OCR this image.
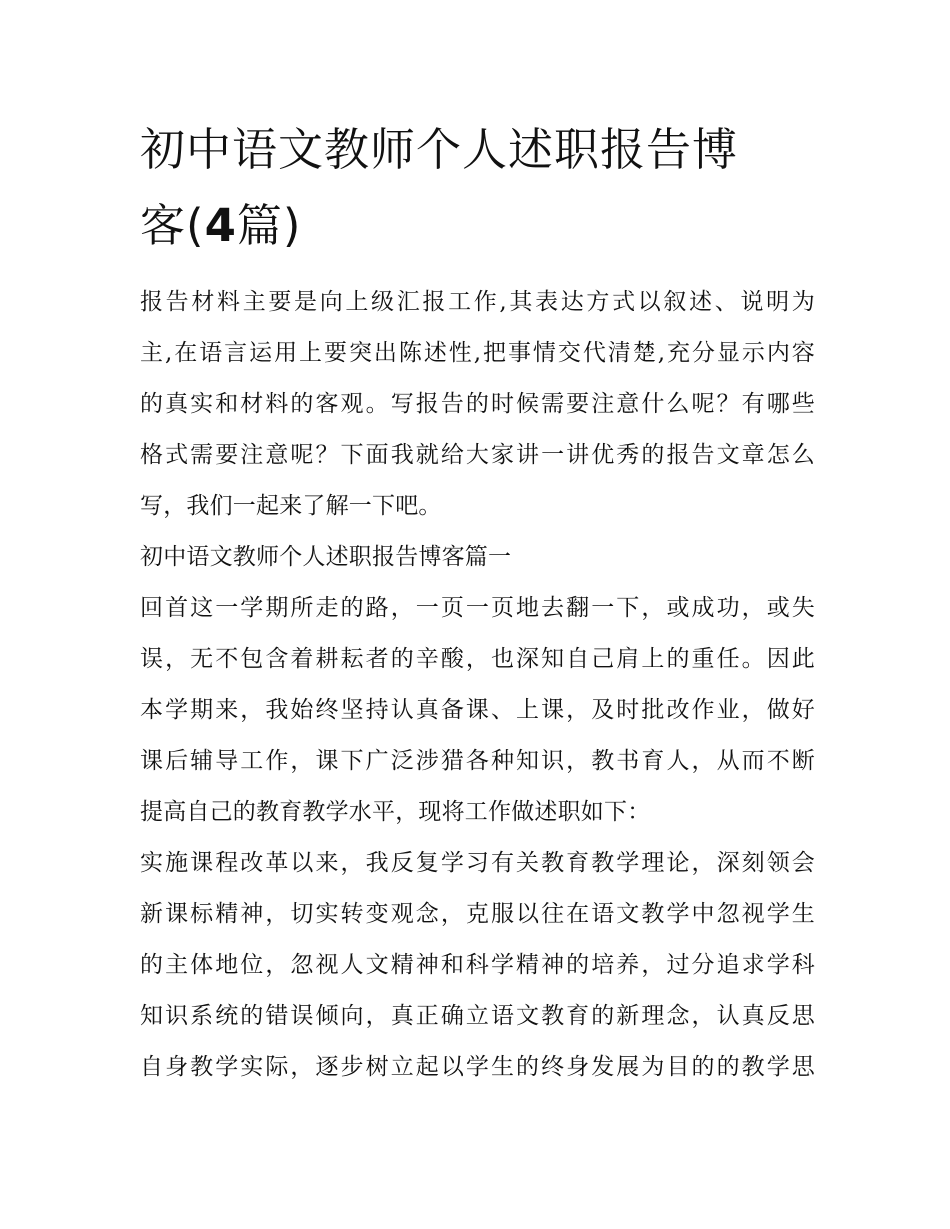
初中语文教师个人述职报告博
客(4篇)
报告材料主要是向上级汇报工作,其表达方式以叙述、说明为
主,在语言运用上要突出陈述性,把事情交代清楚,充分显示内容
的真实和材料的客观。写报告的时候需要注意什么呢？有哪些
格式需要注意呢？下面我就给大家讲一讲优秀的报告文章怎么
写，我们一起来了解一下吧。
初中语文教师个人述职报告博客篇一
回首这一学期所走的路，一页一页地去翻一下，或成功，或失
误，无不包含着耕耘者的辛酸，也深知自己肩上的重任。因此
本学期来，我始终坚持认真备课、上课，及时批改作业，做好
课后辅导工作，课下广泛涉猎各种知识，教书育人，从而不断
提高自己的教育教学水平，现将工作做述职如下：
实施课程改革以来，我反复学习有关教育教学理论，深刻领会
新课标精神，切实转变观念，克服以往在语文教学中忽视学生
的主体地位，忽视人文精神和科学精神的培养，过分追求学科
知识系统的错误倾向，真正确立语文教育的新理念，认真反思
自身教学实际，逐步树立起以学生的终身发展为目的的教学思
